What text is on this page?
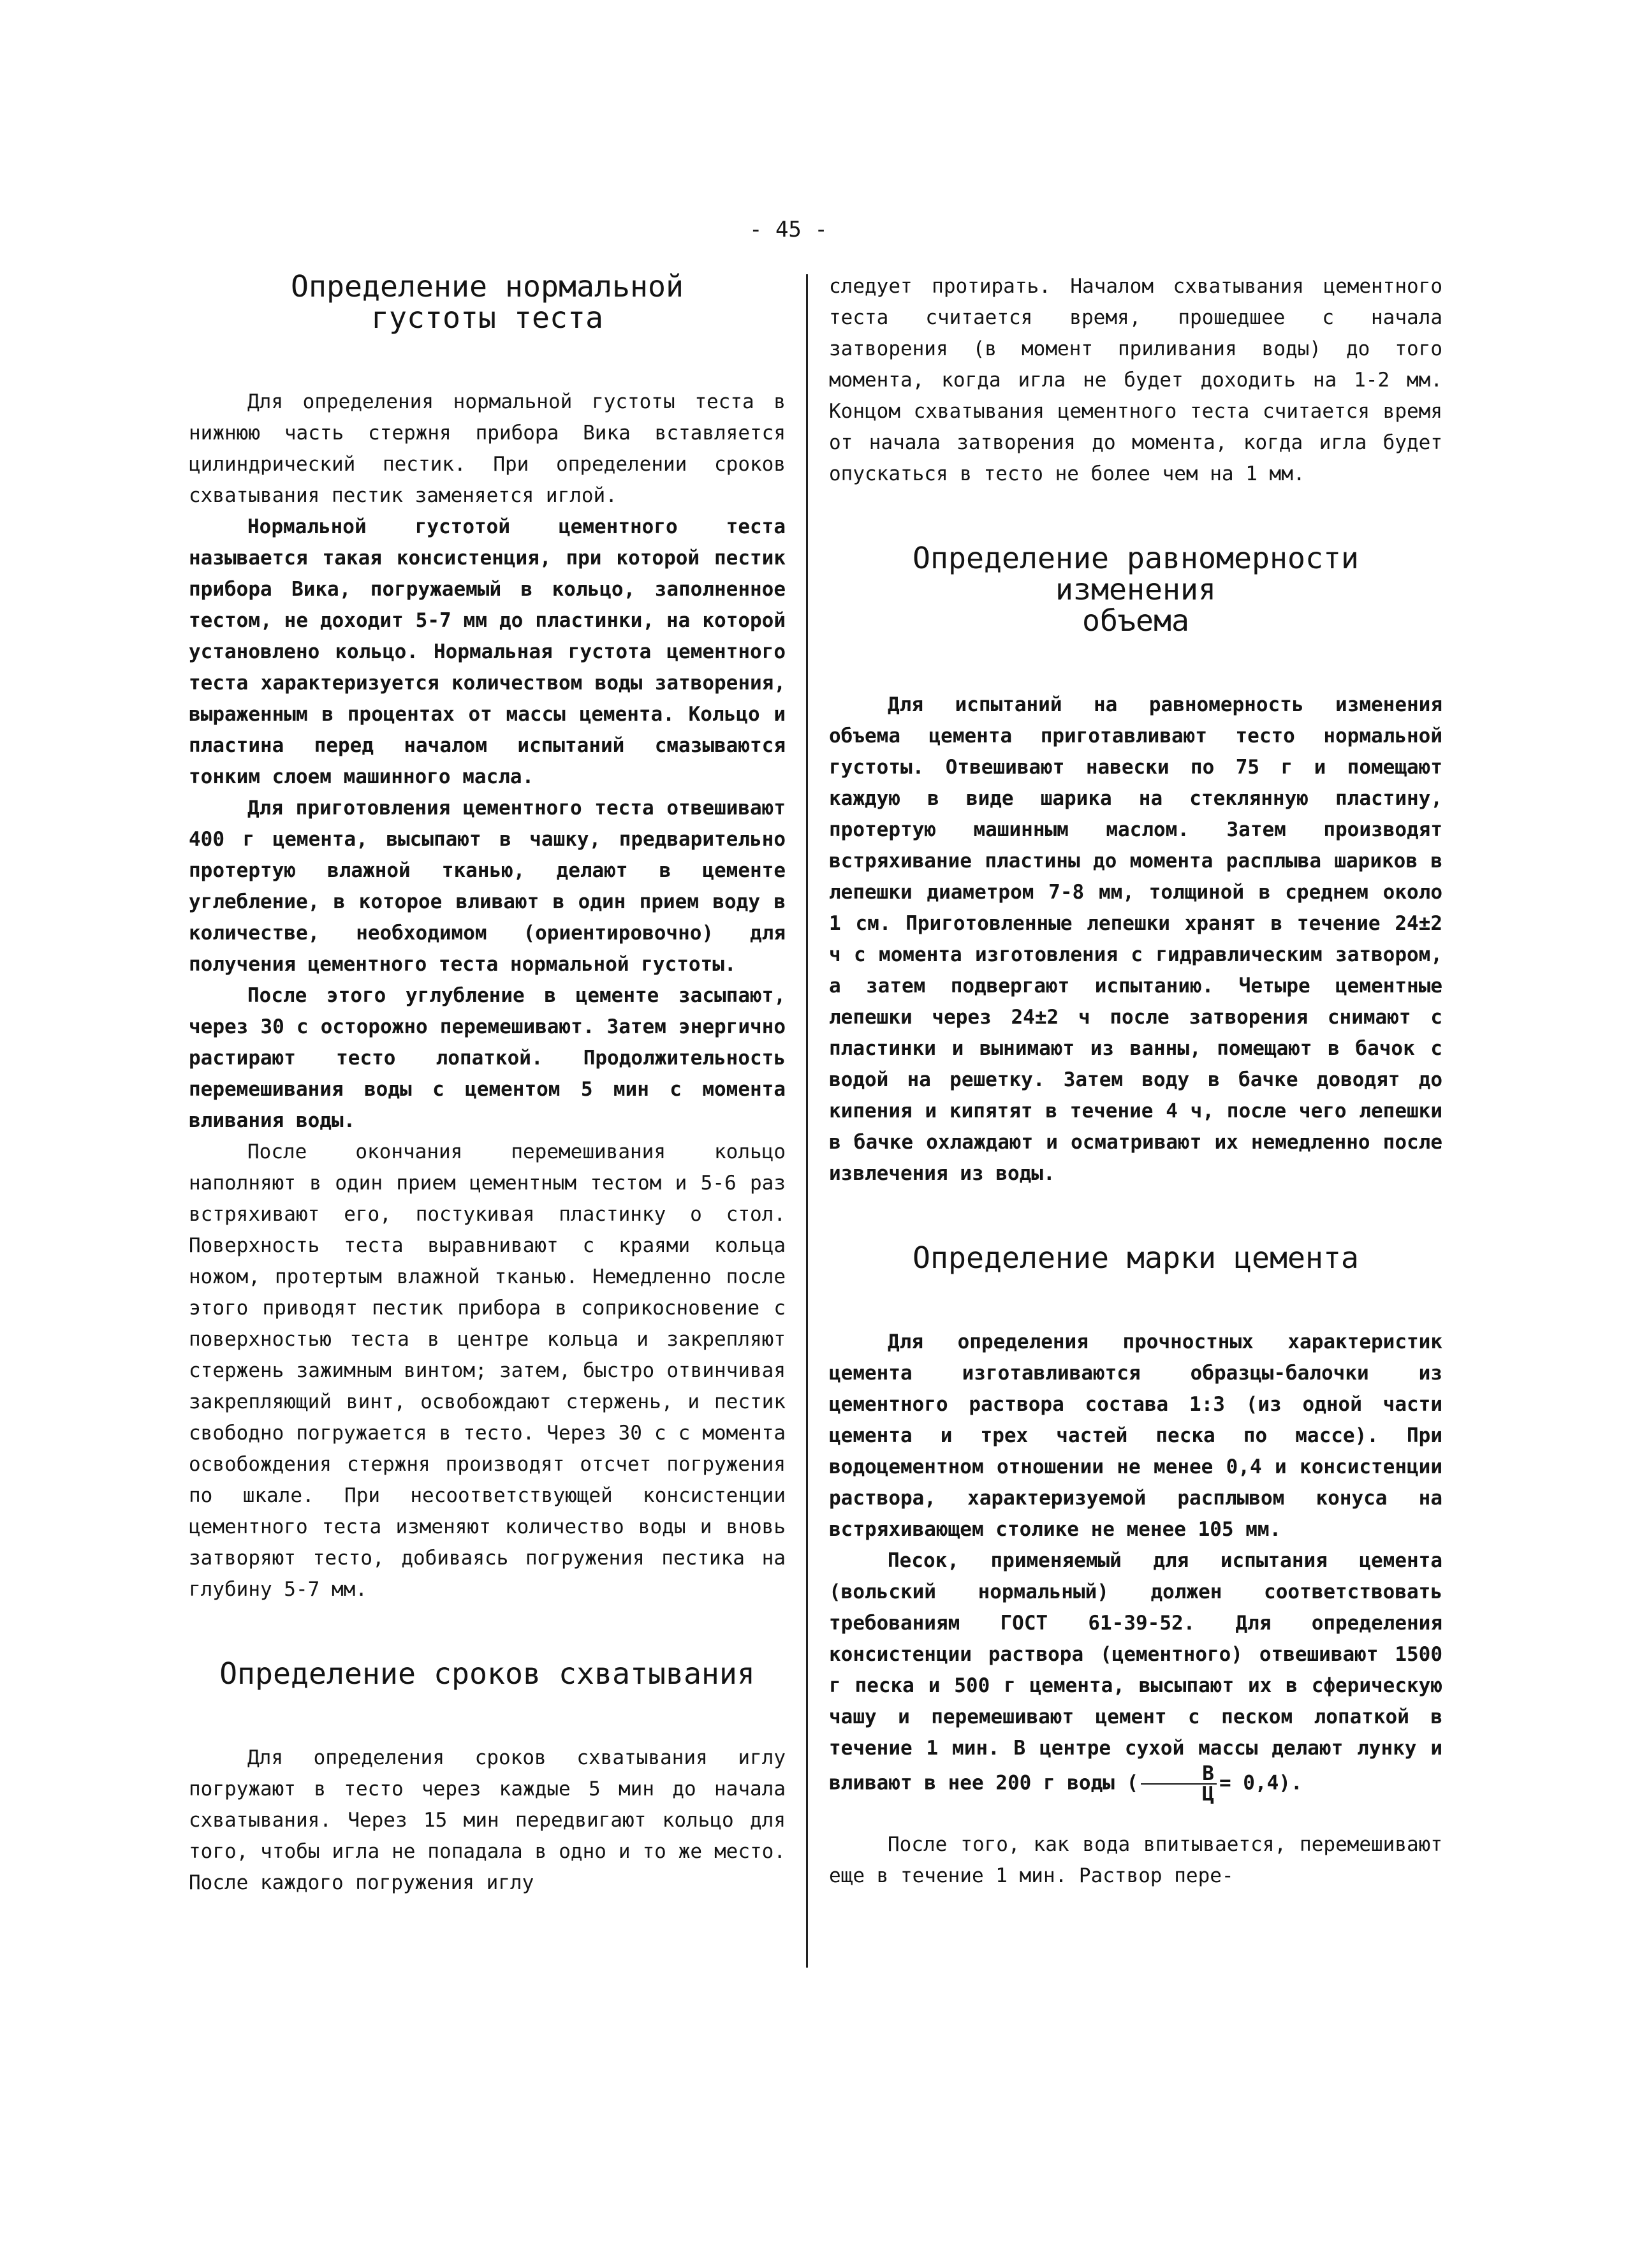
- 45 -
Определение нормальной
густоты теста

Для определения нормальной густоты теста в нижнюю часть стержня прибора Вика вставляется цилиндрический пестик. При определении сроков схватывания пестик заменяется иглой.

Нормальной густотой цементного теста называется такая консистенция, при которой пестик прибора Вика, погружаемый в кольцо, заполненное тестом, не доходит 5-7 мм до пластинки, на которой установлено кольцо. Нормальная густота цементного теста характеризуется количеством воды затворения, выраженным в процентах от массы цемента. Кольцо и пластина перед началом испытаний смазываются тонким слоем машинного масла.

Для приготовления цементного теста отвешивают 400 г цемента, высыпают в чашку, предварительно протертую влажной тканью, делают в цементе углебление, в которое вливают в один прием воду в количестве, необходимом (ориентировочно) для получения цементного теста нормальной густоты.

После этого углубление в цементе засыпают, через 30 с осторожно перемешивают. Затем энергично растирают тесто лопаткой. Продолжительность перемешивания воды с цементом 5 мин с момента вливания воды.

После окончания перемешивания кольцо наполняют в один прием цементным тестом и 5-6 раз встряхивают его, постукивая пластинку о стол. Поверхность теста выравнивают с краями кольца ножом, протертым влажной тканью. Немедленно после этого приводят пестик прибора в соприкосновение с поверхностью теста в центре кольца и закрепляют стержень зажимным винтом; затем, быстро отвинчивая закрепляющий винт, освобождают стержень, и пестик свободно погружается в тесто. Через 30 с с момента освобождения стержня производят отсчет погружения по шкале. При несоответствующей консистенции цементного теста изменяют количество воды и вновь затворяют тесто, добиваясь погружения пестика на глубину 5-7 мм.

Определение сроков схватывания

Для определения сроков схватывания иглу погружают в тесто через каждые 5 мин до начала схватывания. Через 15 мин передвигают кольцо для того, чтобы игла не попадала в одно и то же место. После каждого погружения иглу

следует протирать. Началом схватывания цементного теста считается время, прошедшее с начала затворения (в момент приливания воды) до того момента, когда игла не будет доходить на 1-2 мм. Концом схватывания цементного теста считается время от начала затворения до момента, когда игла будет опускаться в тесто не более чем на 1 мм.

Определение равномерности изменения
объема

Для испытаний на равномерность изменения объема цемента приготавливают тесто нормальной густоты. Отвешивают навески по 75 г и помещают каждую в виде шарика на стеклянную пластину, протертую машинным маслом. Затем производят встряхивание пластины до момента расплыва шариков в лепешки диаметром 7-8 мм, толщиной в среднем около 1 см. Приготовленные лепешки хранят в течение 24±2 ч с момента изготовления с гидравлическим затвором, а затем подвергают испытанию. Четыре цементные лепешки через 24±2 ч после затворения снимают с пластинки и вынимают из ванны, помещают в бачок с водой на решетку. Затем воду в бачке доводят до кипения и кипятят в течение 4 ч, после чего лепешки в бачке охлаждают и осматривают их немедленно после извлечения из воды.

Определение марки цемента

Для определения прочностных характеристик цемента изготавливаются образцы-балочки из цементного раствора состава 1:3 (из одной части цемента и трех частей песка по массе). При водоцементном отношении не менее 0,4 и консистенции раствора, характеризуемой расплывом конуса на встряхивающем столике не менее 105 мм.

Песок, применяемый для испытания цемента (вольский нормальный) должен соответствовать требованиям ГОСТ 61-39-52. Для определения консистенции раствора (цементного) отвешивают 1500 г песка и 500 г цемента, высыпают их в сферическую чашу и перемешивают цемент с песком лопаткой в течение 1 мин. В центре сухой массы делают лунку и вливают в нее 200 г воды ( $\frac{В}{Ц} = 0,4$).

После того, как вода впитывается, перемешивают еще в течение 1 мин. Раствор пере-
